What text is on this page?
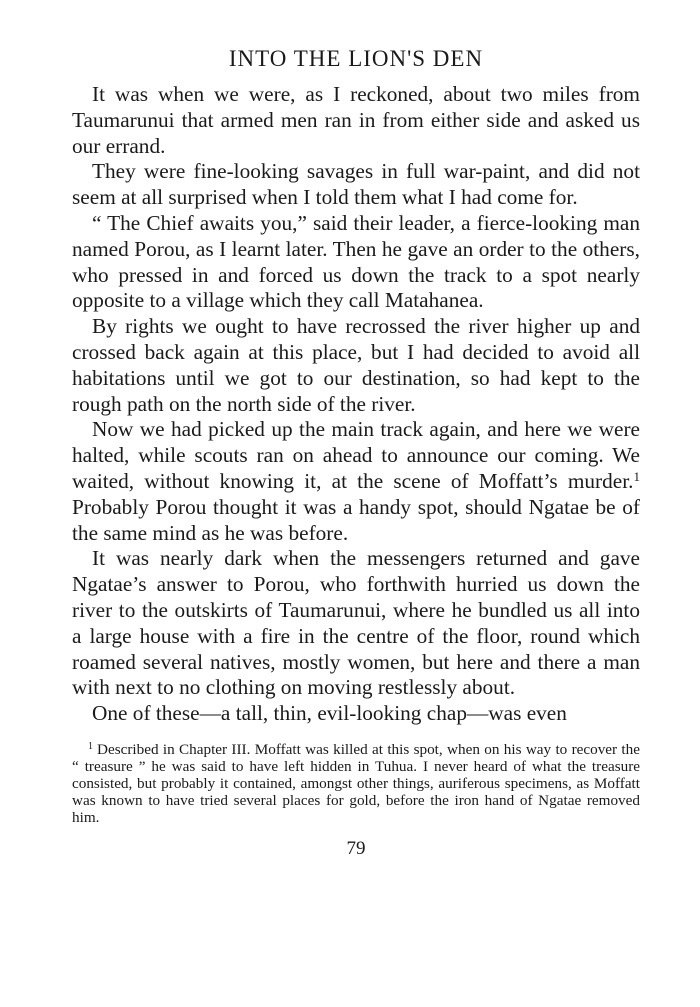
INTO THE LION'S DEN

It was when we were, as I reckoned, about two miles from Taumarunui that armed men ran in from either side and asked us our errand.

They were fine-looking savages in full war-paint, and did not seem at all surprised when I told them what I had come for.

“ The Chief awaits you,” said their leader, a fierce-looking man named Porou, as I learnt later. Then he gave an order to the others, who pressed in and forced us down the track to a spot nearly opposite to a village which they call Matahanea.

By rights we ought to have recrossed the river higher up and crossed back again at this place, but I had decided to avoid all habitations until we got to our destination, so had kept to the rough path on the north side of the river.

Now we had picked up the main track again, and here we were halted, while scouts ran on ahead to announce our coming. We waited, without knowing it, at the scene of Moffatt’s murder.$^1$ Probably Porou thought it was a handy spot, should Ngatae be of the same mind as he was before.

It was nearly dark when the messengers returned and gave Ngatae’s answer to Porou, who forthwith hurried us down the river to the outskirts of Taumarunui, where he bundled us all into a large house with a fire in the centre of the floor, round which roamed several natives, mostly women, but here and there a man with next to no clothing on moving restlessly about.

One of these—a tall, thin, evil-looking chap—was even

$^1$ Described in Chapter III. Moffatt was killed at this spot, when on his way to recover the “ treasure ” he was said to have left hidden in Tuhua. I never heard of what the treasure consisted, but probably it contained, amongst other things, auriferous specimens, as Moffatt was known to have tried several places for gold, before the iron hand of Ngatae removed him.
79
